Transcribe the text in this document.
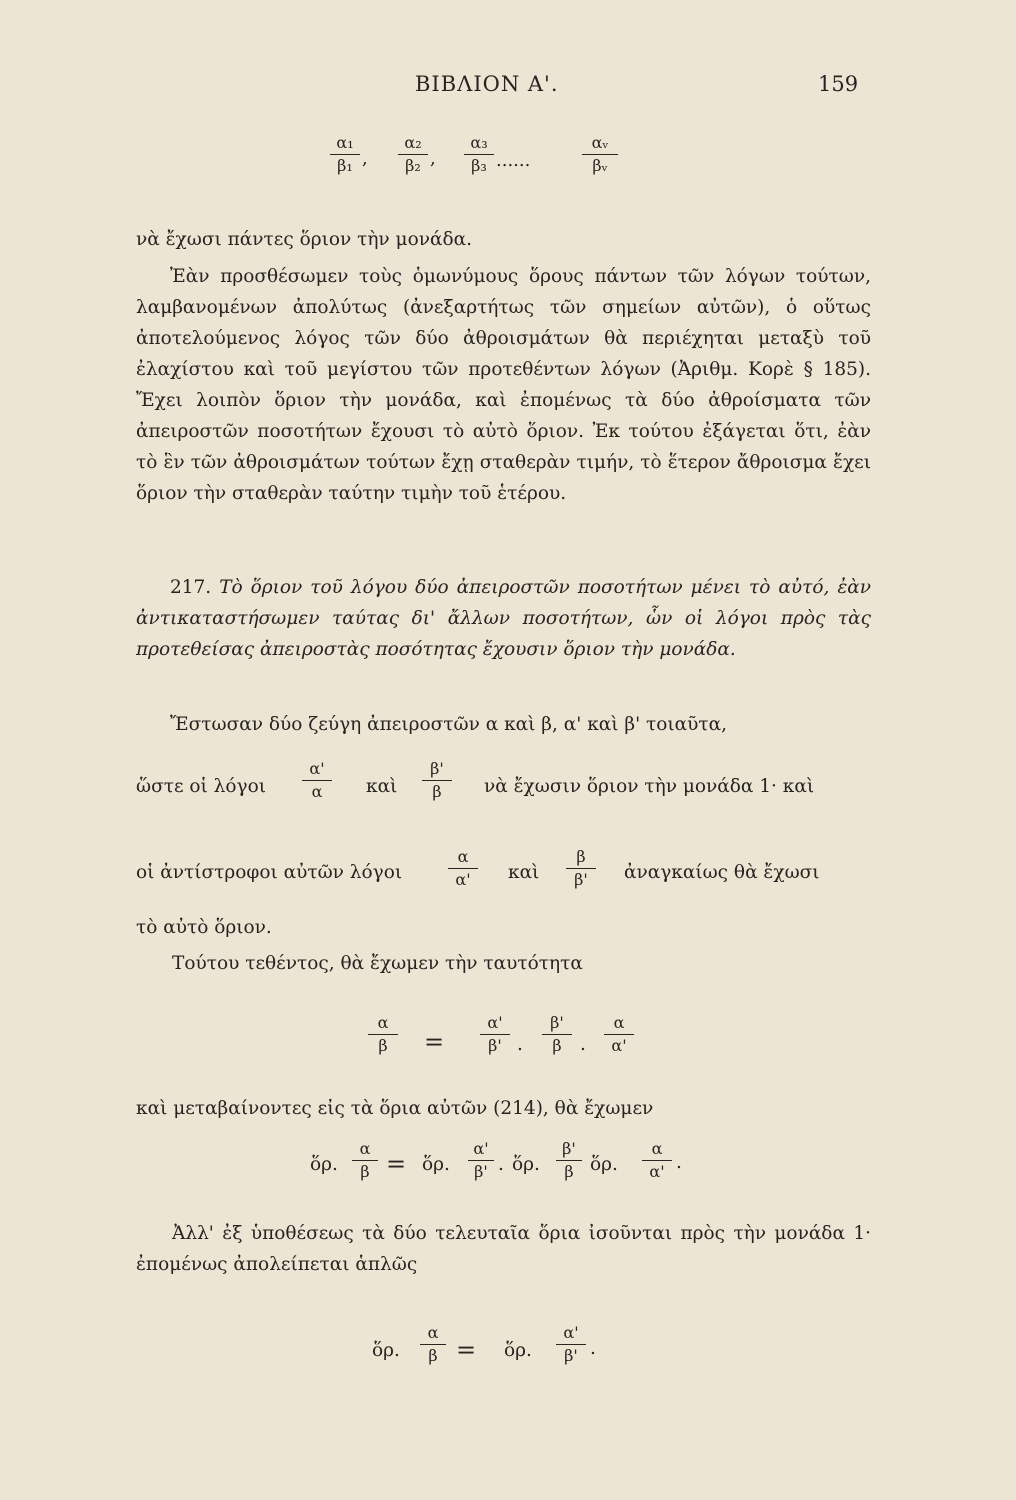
ΒΙΒΛΙΟΝ Α'.	159
α₁
β₁ ,
α₂
β₂ ,
α₃
β₃ ......
αᵥ
βᵥ
νὰ ἔχωσι πάντες ὅριον τὴν μονάδα.
Ἐὰν προσθέσωμεν τοὺς ὁμωνύμους ὅρους πάντων τῶν λόγων τούτων, λαμβανομένων ἀπολύτως (ἀνεξαρτήτως τῶν σημείων αὐτῶν), ὁ οὕτως ἀποτελούμενος λόγος τῶν δύο ἀθροισμάτων θὰ περιέχηται μεταξὺ τοῦ ἐλαχίστου καὶ τοῦ μεγίστου τῶν προτεθέντων λόγων (Ἀριθμ. Κορὲ § 185). Ἔχει λοιπὸν ὅριον τὴν μονάδα, καὶ ἐπομένως τὰ δύο ἀθροίσματα τῶν ἀπειροστῶν ποσοτήτων ἔχουσι τὸ αὐτὸ ὅριον. Ἐκ τούτου ἐξάγεται ὅτι, ἐὰν τὸ ἓν τῶν ἀθροισμάτων τούτων ἔχῃ σταθερὰν τιμήν, τὸ ἕτερον ἄθροισμα ἔχει ὅριον τὴν σταθερὰν ταύτην τιμὴν τοῦ ἑτέρου.
217. Τὸ ὅριον τοῦ λόγου δύο ἀπειροστῶν ποσοτήτων μένει τὸ αὐτό, ἐὰν ἀντικαταστήσωμεν ταύτας δι' ἄλλων ποσοτήτων, ὧν οἱ λόγοι πρὸς τὰς προτεθείσας ἀπειροστὰς ποσότητας ἔχουσιν ὅριον τὴν μονάδα.
Ἔστωσαν δύο ζεύγη ἀπειροστῶν α καὶ β, α' καὶ β' τοιαῦτα,
ὥστε οἱ λόγοι
α'
α καὶ
β'
β νὰ ἔχωσιν ὅριον τὴν μονάδα 1· καὶ
οἱ ἀντίστροφοι αὐτῶν λόγοι
α
α' καὶ
β
β' ἀναγκαίως θὰ ἔχωσι
τὸ αὐτὸ ὅριον.
Τούτου τεθέντος, θὰ ἔχωμεν τὴν ταυτότητα
α
β =
α'
β' .
β'
β .
α
α'
καὶ μεταβαίνοντες εἰς τὰ ὅρια αὐτῶν (214), θὰ ἔχωμεν
ὅρ.
α
β = ὅρ.
α'
β' . ὅρ.
β'
β ὅρ.
α
α' .
Ἀλλ' ἐξ ὑποθέσεως τὰ δύο τελευταῖα ὅρια ἰσοῦνται πρὸς τὴν μονάδα 1· ἐπομένως ἀπολείπεται ἁπλῶς
ὅρ.
α
β = ὅρ.
α'
β' .
